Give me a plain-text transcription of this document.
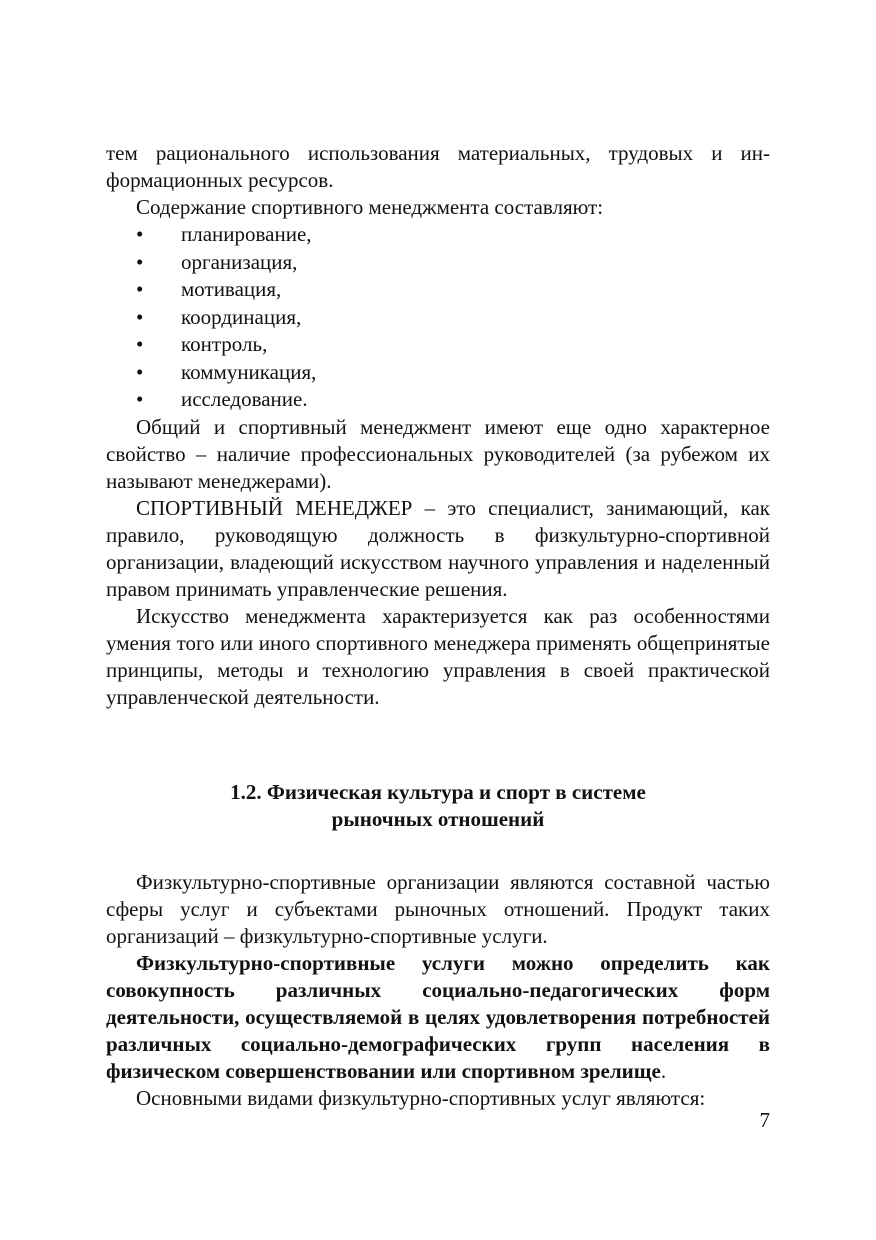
тем рационального использования материальных, трудовых и информационных ресурсов.

Содержание спортивного менеджмента составляют:

• планирование,
• организация,
• мотивация,
• координация,
• контроль,
• коммуникация,
• исследование.

Общий и спортивный менеджмент имеют еще одно характерное свойство – наличие профессиональных руководителей (за рубежом их называют менеджерами).

СПОРТИВНЫЙ МЕНЕДЖЕР – это специалист, занимающий, как правило, руководящую должность в физкультурно-спортивной организации, владеющий искусством научного управления и наделенный правом принимать управленческие решения.

Искусство менеджмента характеризуется как раз особенностями умения того или иного спортивного менеджера применять общепринятые принципы, методы и технологию управления в своей практической управленческой деятельности.

1.2. Физическая культура и спорт в системе
рыночных отношений

Физкультурно-спортивные организации являются составной частью сферы услуг и субъектами рыночных отношений. Продукт таких организаций – физкультурно-спортивные услуги.

Физкультурно-спортивные услуги можно определить как совокупность различных социально-педагогических форм деятельности, осуществляемой в целях удовлетворения потребностей различных социально-демографических групп населения в физическом совершенствовании или спортивном зрелище.

Основными видами физкультурно-спортивных услуг являются:

7
